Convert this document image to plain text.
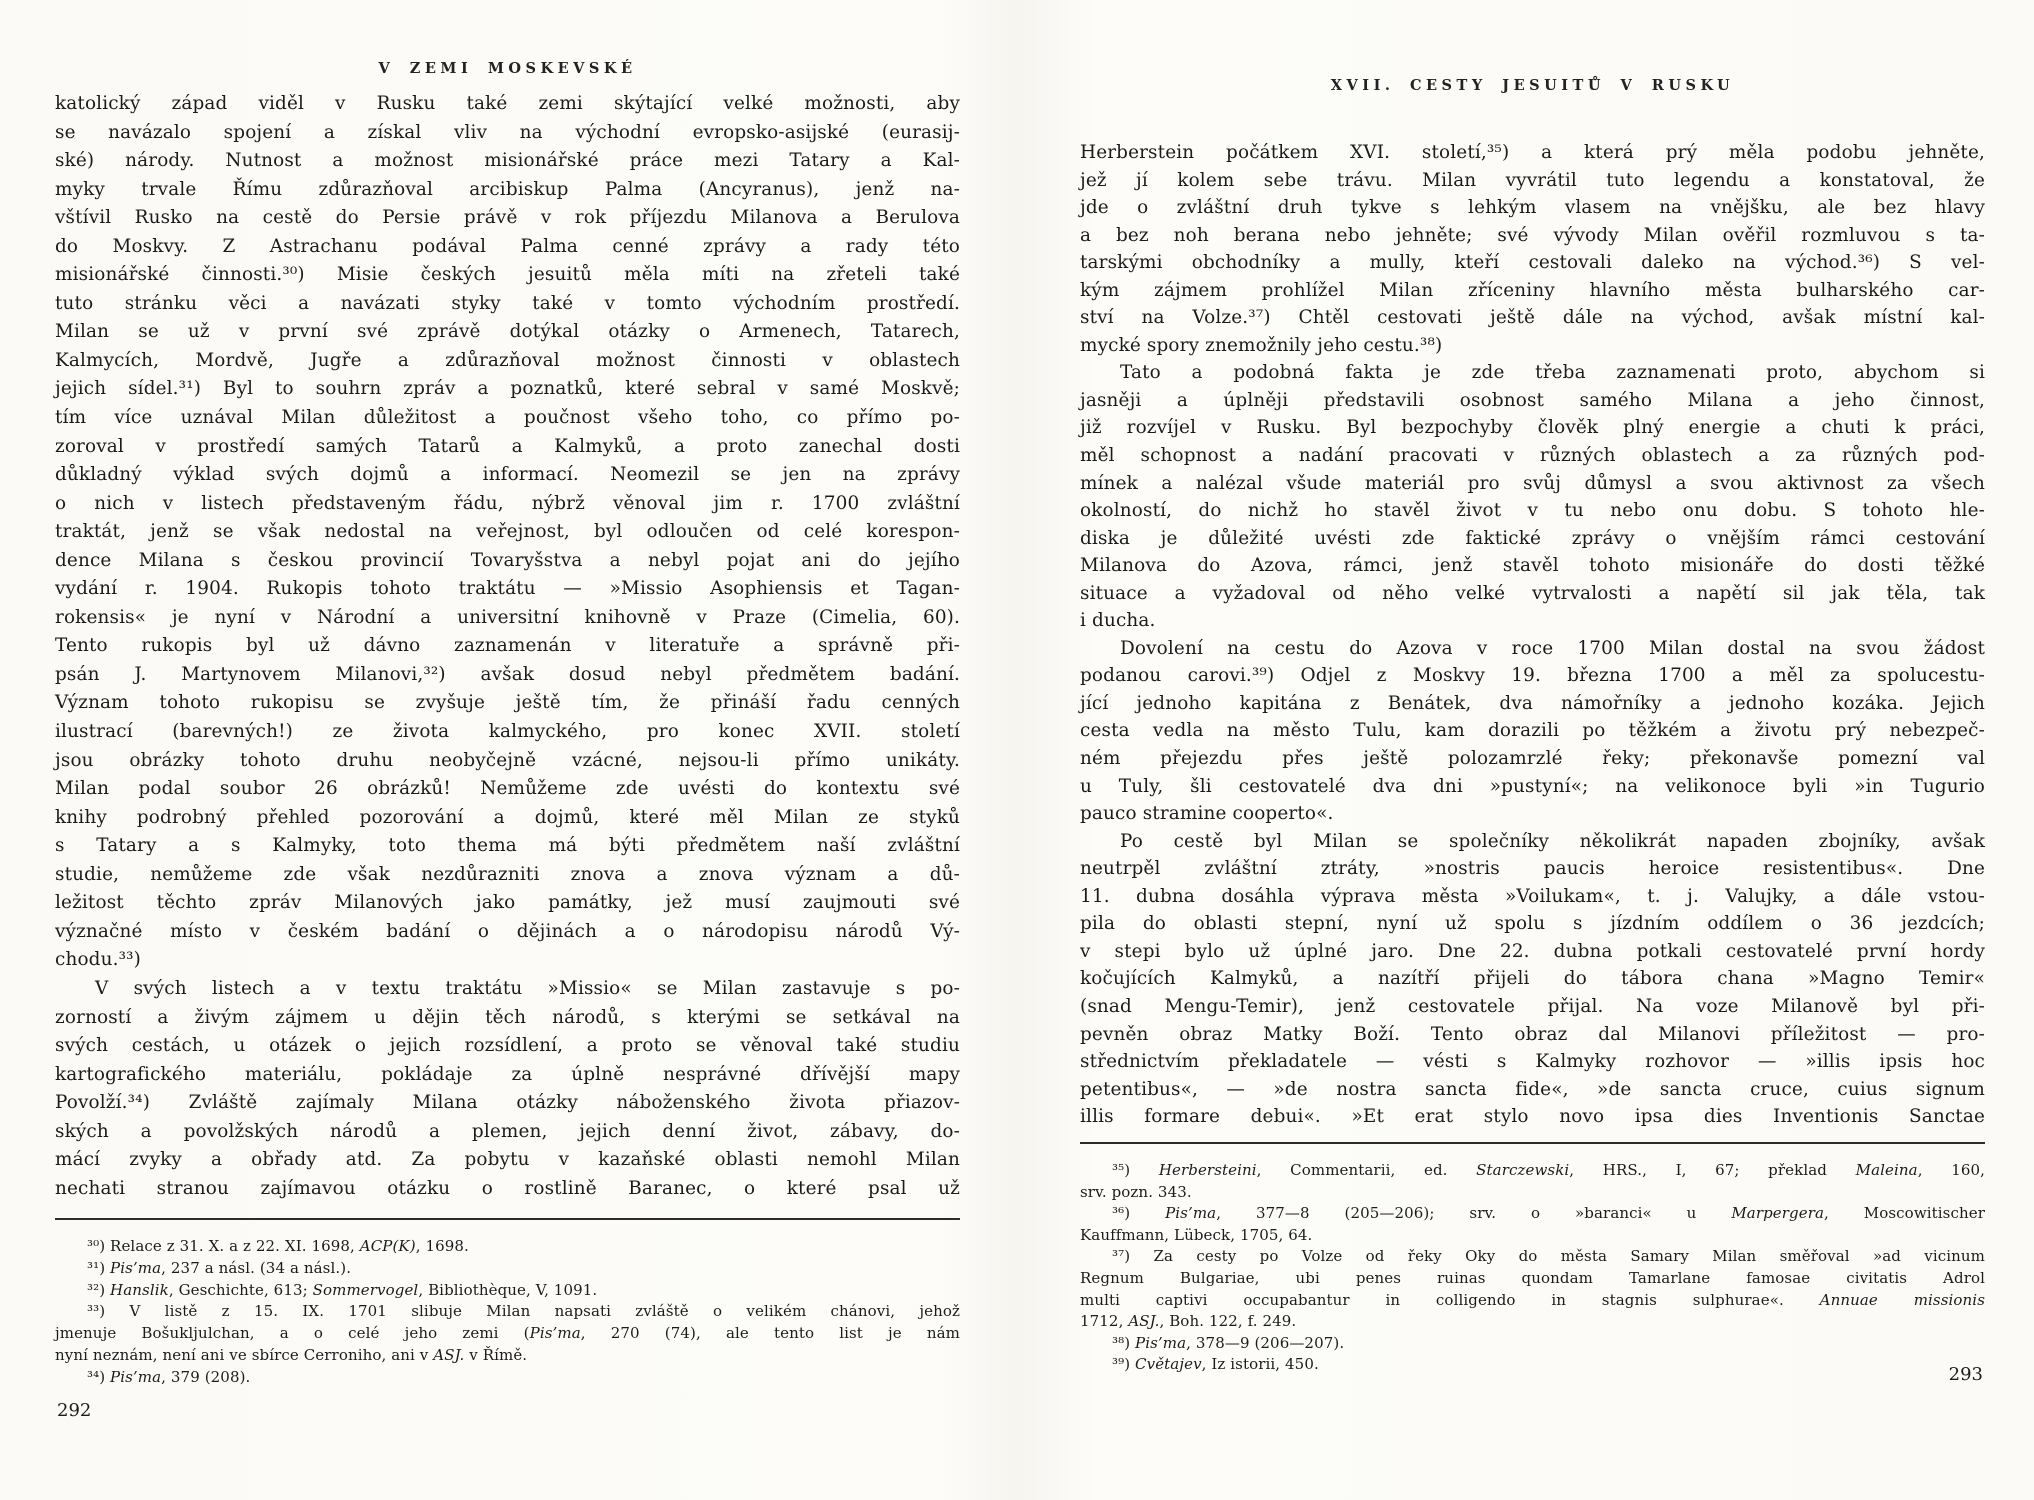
V ZEMI MOSKEVSKÉ
katolický západ viděl v Rusku také zemi skýtající velké možnosti, aby
se navázalo spojení a získal vliv na východní evropsko-asijské (eurasij-
ské) národy. Nutnost a možnost misionářské práce mezi Tatary a Kal-
myky trvale Římu zdůrazňoval arcibiskup Palma (Ancyranus), jenž na-
vštívil Rusko na cestě do Persie právě v rok příjezdu Milanova a Berulova
do Moskvy. Z Astrachanu podával Palma cenné zprávy a rady této
misionářské činnosti.³⁰) Misie českých jesuitů měla míti na zřeteli také
tuto stránku věci a navázati styky také v tomto východním prostředí.
Milan se už v první své zprávě dotýkal otázky o Armenech, Tatarech,
Kalmycích, Mordvě, Jugře a zdůrazňoval možnost činnosti v oblastech
jejich sídel.³¹) Byl to souhrn zpráv a poznatků, které sebral v samé Moskvě;
tím více uznával Milan důležitost a poučnost všeho toho, co přímo po-
zoroval v prostředí samých Tatarů a Kalmyků, a proto zanechal dosti
důkladný výklad svých dojmů a informací. Neomezil se jen na zprávy
o nich v listech představeným řádu, nýbrž věnoval jim r. 1700 zvláštní
traktát, jenž se však nedostal na veřejnost, byl odloučen od celé korespon-
dence Milana s českou provincií Tovaryšstva a nebyl pojat ani do jejího
vydání r. 1904. Rukopis tohoto traktátu — »Missio Asophiensis et Tagan-
rokensis« je nyní v Národní a universitní knihovně v Praze (Cimelia, 60).
Tento rukopis byl už dávno zaznamenán v literatuře a správně při-
psán J. Martynovem Milanovi,³²) avšak dosud nebyl předmětem badání.
Význam tohoto rukopisu se zvyšuje ještě tím, že přináší řadu cenných
ilustrací (barevných!) ze života kalmyckého, pro konec XVII. století
jsou obrázky tohoto druhu neobyčejně vzácné, nejsou-li přímo unikáty.
Milan podal soubor 26 obrázků! Nemůžeme zde uvésti do kontextu své
knihy podrobný přehled pozorování a dojmů, které měl Milan ze styků
s Tatary a s Kalmyky, toto thema má býti předmětem naší zvláštní
studie, nemůžeme zde však nezdůrazniti znova a znova význam a dů-
ležitost těchto zpráv Milanových jako památky, jež musí zaujmouti své
význačné místo v českém badání o dějinách a o národopisu národů Vý-
chodu.³³)
V svých listech a v textu traktátu »Missio« se Milan zastavuje s po-
zorností a živým zájmem u dějin těch národů, s kterými se setkával na
svých cestách, u otázek o jejich rozsídlení, a proto se věnoval také studiu
kartografického materiálu, pokládaje za úplně nesprávné dřívější mapy
Povolží.³⁴) Zvláště zajímaly Milana otázky náboženského života přiazov-
ských a povolžských národů a plemen, jejich denní život, zábavy, do-
mácí zvyky a obřady atd. Za pobytu v kazaňské oblasti nemohl Milan
nechati stranou zajímavou otázku o rostlině Baranec, o které psal už
³⁰) Relace z 31. X. a z 22. XI. 1698, ACP(K), 1698.
³¹) Pis’ma, 237 a násl. (34 a násl.).
³²) Hanslik, Geschichte, 613; Sommervogel, Bibliothèque, V, 1091.
³³) V listě z 15. IX. 1701 slibuje Milan napsati zvláště o velikém chánovi, jehož
jmenuje Bošukljulchan, a o celé jeho zemi (Pis’ma, 270 (74), ale tento list je nám
nyní neznám, není ani ve sbírce Cerroniho, ani v ASJ. v Římě.
³⁴) Pis’ma, 379 (208).
292
XVII. CESTY JESUITŮ V RUSKU
Herberstein počátkem XVI. století,³⁵) a která prý měla podobu jehněte,
jež jí kolem sebe trávu. Milan vyvrátil tuto legendu a konstatoval, že
jde o zvláštní druh tykve s lehkým vlasem na vnějšku, ale bez hlavy
a bez noh berana nebo jehněte; své vývody Milan ověřil rozmluvou s ta-
tarskými obchodníky a mully, kteří cestovali daleko na východ.³⁶) S vel-
kým zájmem prohlížel Milan zříceniny hlavního města bulharského car-
ství na Volze.³⁷) Chtěl cestovati ještě dále na východ, avšak místní kal-
mycké spory znemožnily jeho cestu.³⁸)
Tato a podobná fakta je zde třeba zaznamenati proto, abychom si
jasněji a úplněji představili osobnost samého Milana a jeho činnost,
již rozvíjel v Rusku. Byl bezpochyby člověk plný energie a chuti k práci,
měl schopnost a nadání pracovati v různých oblastech a za různých pod-
mínek a nalézal všude materiál pro svůj důmysl a svou aktivnost za všech
okolností, do nichž ho stavěl život v tu nebo onu dobu. S tohoto hle-
diska je důležité uvésti zde faktické zprávy o vnějším rámci cestování
Milanova do Azova, rámci, jenž stavěl tohoto misionáře do dosti těžké
situace a vyžadoval od něho velké vytrvalosti a napětí sil jak těla, tak
i ducha.
Dovolení na cestu do Azova v roce 1700 Milan dostal na svou žádost
podanou carovi.³⁹) Odjel z Moskvy 19. března 1700 a měl za spolucestu-
jící jednoho kapitána z Benátek, dva námořníky a jednoho kozáka. Jejich
cesta vedla na město Tulu, kam dorazili po těžkém a životu prý nebezpeč-
ném přejezdu přes ještě polozamrzlé řeky; překonavše pomezní val
u Tuly, šli cestovatelé dva dni »pustyní«; na velikonoce byli »in Tugurio
pauco stramine cooperto«.
Po cestě byl Milan se společníky několikrát napaden zbojníky, avšak
neutrpěl zvláštní ztráty, »nostris paucis heroice resistentibus«. Dne
11. dubna dosáhla výprava města »Voilukam«, t. j. Valujky, a dále vstou-
pila do oblasti stepní, nyní už spolu s jízdním oddílem o 36 jezdcích;
v stepi bylo už úplné jaro. Dne 22. dubna potkali cestovatelé první hordy
kočujících Kalmyků, a nazítří přijeli do tábora chana »Magno Temir«
(snad Mengu-Temir), jenž cestovatele přijal. Na voze Milanově byl při-
pevněn obraz Matky Boží. Tento obraz dal Milanovi příležitost — pro-
střednictvím překladatele — vésti s Kalmyky rozhovor — »illis ipsis hoc
petentibus«, — »de nostra sancta fide«, »de sancta cruce, cuius signum
illis formare debui«. »Et erat stylo novo ipsa dies Inventionis Sanctae
³⁵) Herbersteini, Commentarii, ed. Starczewski, HRS., I, 67; překlad Maleina, 160,
srv. pozn. 343.
³⁶) Pis’ma, 377—8 (205—206); srv. o »baranci« u Marpergera, Moscowitischer
Kauffmann, Lübeck, 1705, 64.
³⁷) Za cesty po Volze od řeky Oky do města Samary Milan směřoval »ad vicinum
Regnum Bulgariae, ubi penes ruinas quondam Tamarlane famosae civitatis Adrol
multi captivi occupabantur in colligendo in stagnis sulphurae«. Annuae missionis
1712, ASJ., Boh. 122, f. 249.
³⁸) Pis’ma, 378—9 (206—207).
³⁹) Cvětajev, Iz istorii, 450.	293
